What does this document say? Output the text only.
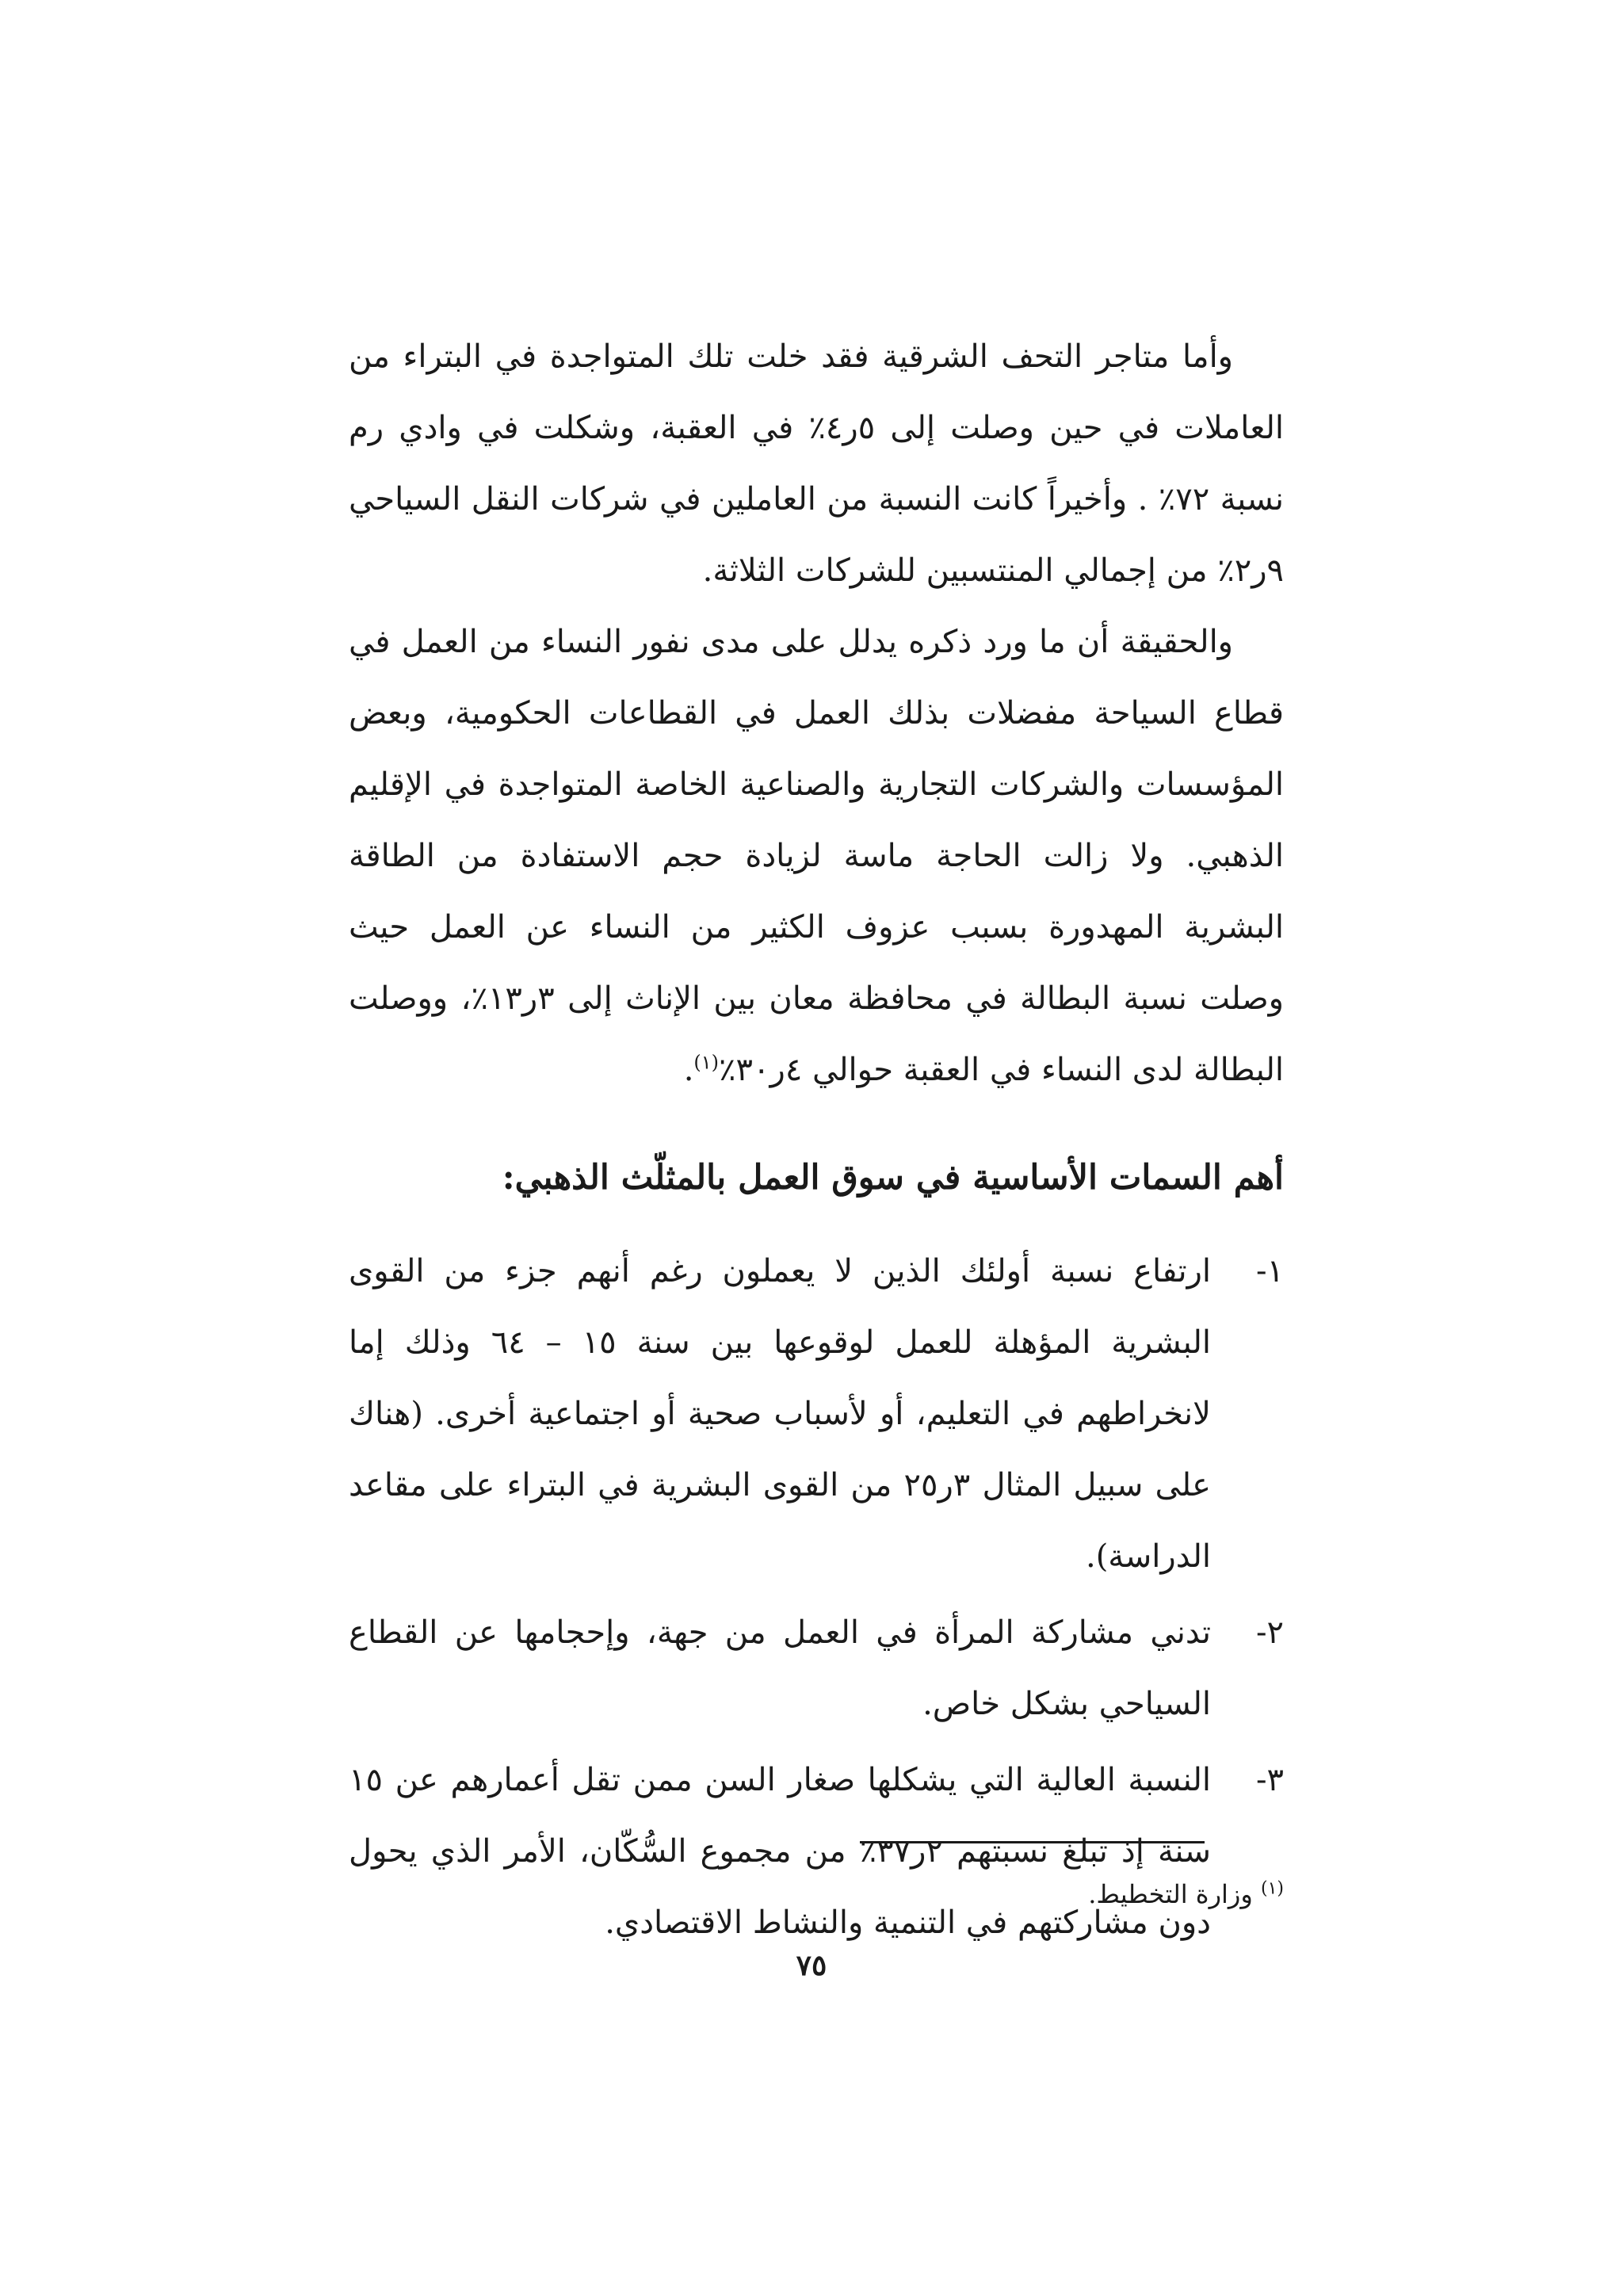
وأما متاجر التحف الشرقية فقد خلت تلك المتواجدة في البتراء من العاملات في حين وصلت إلى ٥ر٤٪ في العقبة، وشكلت في وادي رم نسبة ٧٢٪ . وأخيراً كانت النسبة من العاملين في شركات النقل السياحي ٩ر٢٪ من إجمالي المنتسبين للشركات الثلاثة.

والحقيقة أن ما ورد ذكره يدلل على مدى نفور النساء من العمل في قطاع السياحة مفضلات بذلك العمل في القطاعات الحكومية، وبعض المؤسسات والشركات التجارية والصناعية الخاصة المتواجدة في الإقليم الذهبي. ولا زالت الحاجة ماسة لزيادة حجم الاستفادة من الطاقة البشرية المهدورة بسبب عزوف الكثير من النساء عن العمل حيث وصلت نسبة البطالة في محافظة معان بين الإناث إلى ٣ر١٣٪، ووصلت البطالة لدى النساء في العقبة حوالي ٤ر٣٠٪$^{(١)}$.

أهم السمات الأساسية في سوق العمل بالمثلّث الذهبي:

١-
ارتفاع نسبة أولئك الذين لا يعملون رغم أنهم جزء من القوى البشرية المؤهلة للعمل لوقوعها بين سنة ١٥ – ٦٤ وذلك إما لانخراطهم في التعليم، أو لأسباب صحية أو اجتماعية أخرى. (هناك على سبيل المثال ٣ر٢٥ من القوى البشرية في البتراء على مقاعد الدراسة).
٢-
تدني مشاركة المرأة في العمل من جهة، وإحجامها عن القطاع السياحي بشكل خاص.
٣-
النسبة العالية التي يشكلها صغار السن ممن تقل أعمارهم عن ١٥ سنة إذ تبلغ نسبتهم ٢ر٣٧٪ من مجموع السُّكّان، الأمر الذي يحول دون مشاركتهم في التنمية والنشاط الاقتصادي.
$^{(١)}$ وزارة التخطيط.
٧٥
